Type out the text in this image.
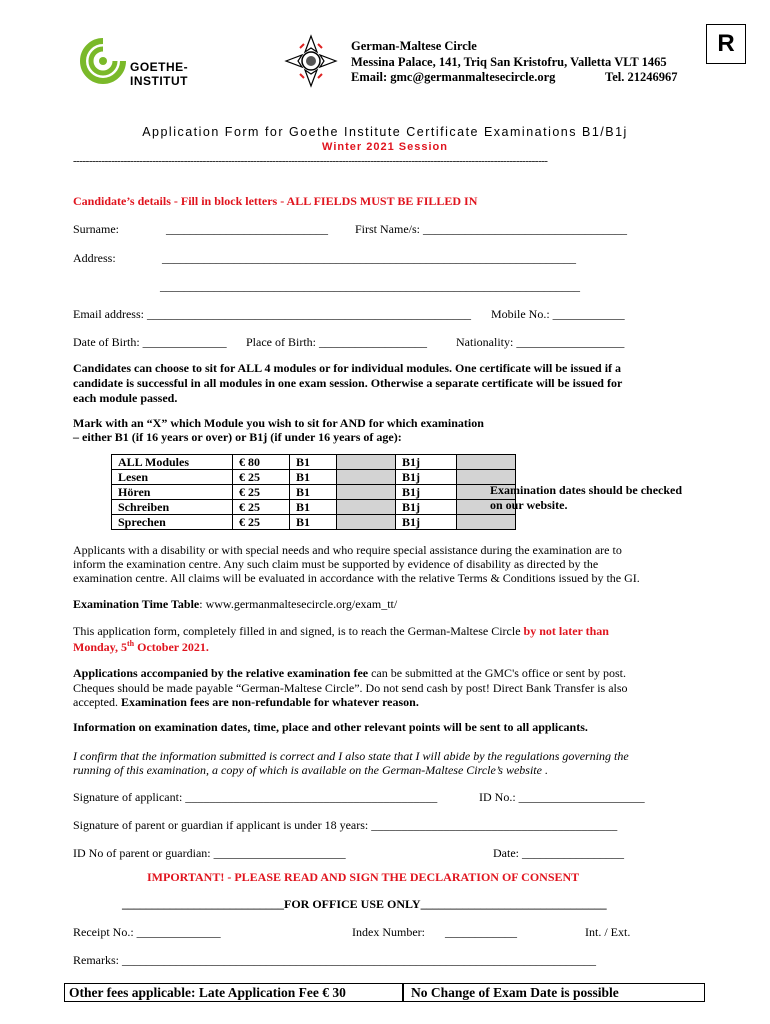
R
GOETHE-INSTITUT
German-Maltese Circle
Messina Palace, 141, Triq San Kristofru, Valletta VLT 1465
Email: gmc@germanmaltesecircle.org	Tel. 21246967
Application Form for Goethe Institute Certificate Examinations B1/B1j
Winter 2021 Session
------------------------------------------------------------------------------------------------------------------------------------------------------
Candidate’s details - Fill in block letters - ALL FIELDS MUST BE FILLED IN
Surname:	___________________________ First Name/s: __________________________________
Address:	_____________________________________________________________________
______________________________________________________________________
Email address: ______________________________________________________ Mobile No.: ____________
Date of Birth: ______________ Place of Birth: __________________ Nationality: __________________
Candidates can choose to sit for ALL 4 modules or for individual modules. One certificate will be issued if a
candidate is successful in all modules in one exam session. Otherwise a separate certificate will be issued for
each module passed.
Mark with an “X” which Module you wish to sit for AND for which examination
– either B1 (if 16 years or over) or B1j (if under 16 years of age):
ALL Modules	€ 80	B1		B1j	
Lesen	€ 25	B1		B1j	
Hören	€ 25	B1		B1j	
Schreiben	€ 25	B1		B1j	
Sprechen	€ 25	B1		B1j	
Examination dates should be checked
on our website.
Applicants with a disability or with special needs and who require special assistance during the examination are to
inform the examination centre. Any such claim must be supported by evidence of disability as directed by the
examination centre. All claims will be evaluated in accordance with the relative Terms & Conditions issued by the GI.
Examination Time Table: www.germanmaltesecircle.org/exam_tt/
This application form, completely filled in and signed, is to reach the German-Maltese Circle by not later than
Monday, 5th October 2021.
Applications accompanied by the relative examination fee can be submitted at the GMC's office or sent by post.
Cheques should be made payable “German-Maltese Circle”. Do not send cash by post! Direct Bank Transfer is also
accepted. Examination fees are non-refundable for whatever reason.
Information on examination dates, time, place and other relevant points will be sent to all applicants.
I confirm that the information submitted is correct and I also state that I will abide by the regulations governing the
running of this examination, a copy of which is available on the German-Maltese Circle’s website .
Signature of applicant: __________________________________________	ID No.: _____________________
Signature of parent or guardian if applicant is under 18 years: _________________________________________
ID No of parent or guardian: ______________________	Date: _________________
IMPORTANT! - PLEASE READ AND SIGN THE DECLARATION OF CONSENT
___________________________FOR OFFICE USE ONLY_______________________________
Receipt No.: ______________	Index Number: ____________	Int. / Ext.
Remarks: _______________________________________________________________________________
Other fees applicable: Late Application Fee € 30	No Change of Exam Date is possible
